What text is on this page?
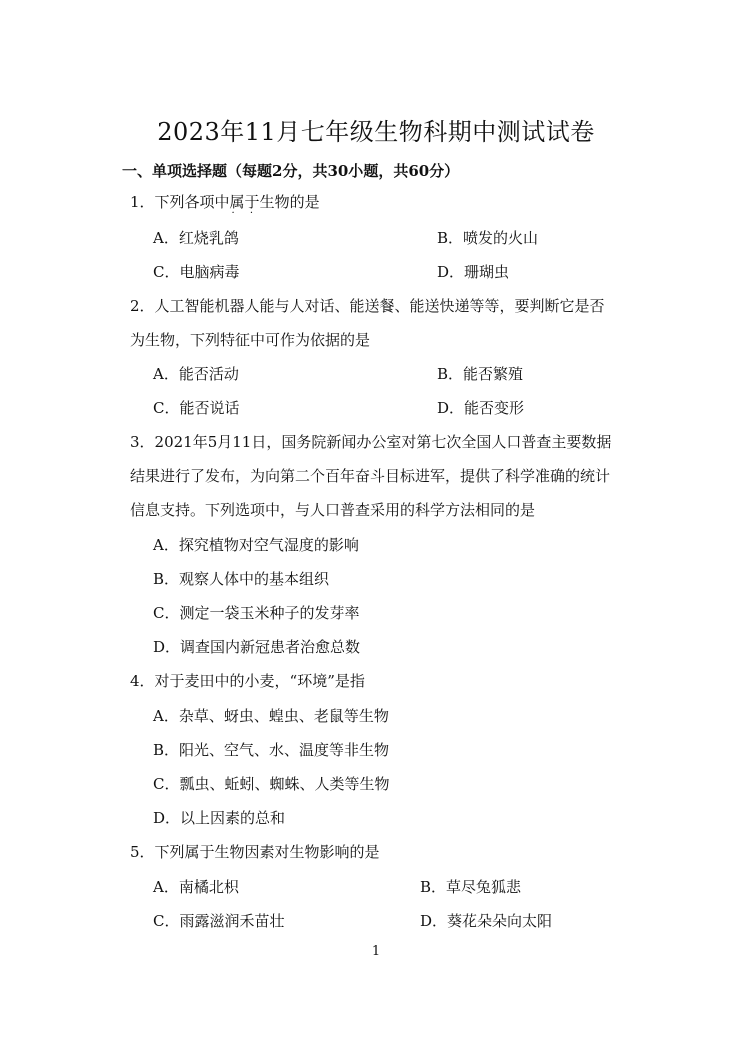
2023年11月七年级生物科期中测试试卷
一、单项选择题（每题2分，共30小题，共60分）
1．下列各项中属于 · ·生物的是
A．红烧乳鸽	B．喷发的火山
C．电脑病毒	D．珊瑚虫
2．人工智能机器人能与人对话、能送餐、能送快递等等，要判断它是否
为生物，下列特征中可作为依据的是
A．能否活动	B．能否繁殖
C．能否说话	D．能否变形
3．2021年5月11日，国务院新闻办公室对第七次全国人口普查主要数据
结果进行了发布，为向第二个百年奋斗目标进军，提供了科学准确的统计
信息支持。下列选项中，与人口普查采用的科学方法相同的是
A．探究植物对空气湿度的影响
B．观察人体中的基本组织
C．测定一袋玉米种子的发芽率
D．调查国内新冠患者治愈总数
4．对于麦田中的小麦，“环境”是指
A．杂草、蚜虫、蝗虫、老鼠等生物
B．阳光、空气、水、温度等非生物
C．瓢虫、蚯蚓、蜘蛛、人类等生物
D．以上因素的总和
5．下列属于生物因素对生物影响的是
A．南橘北枳	B．草尽兔狐悲
C．雨露滋润禾苗壮	D．葵花朵朵向太阳
1
